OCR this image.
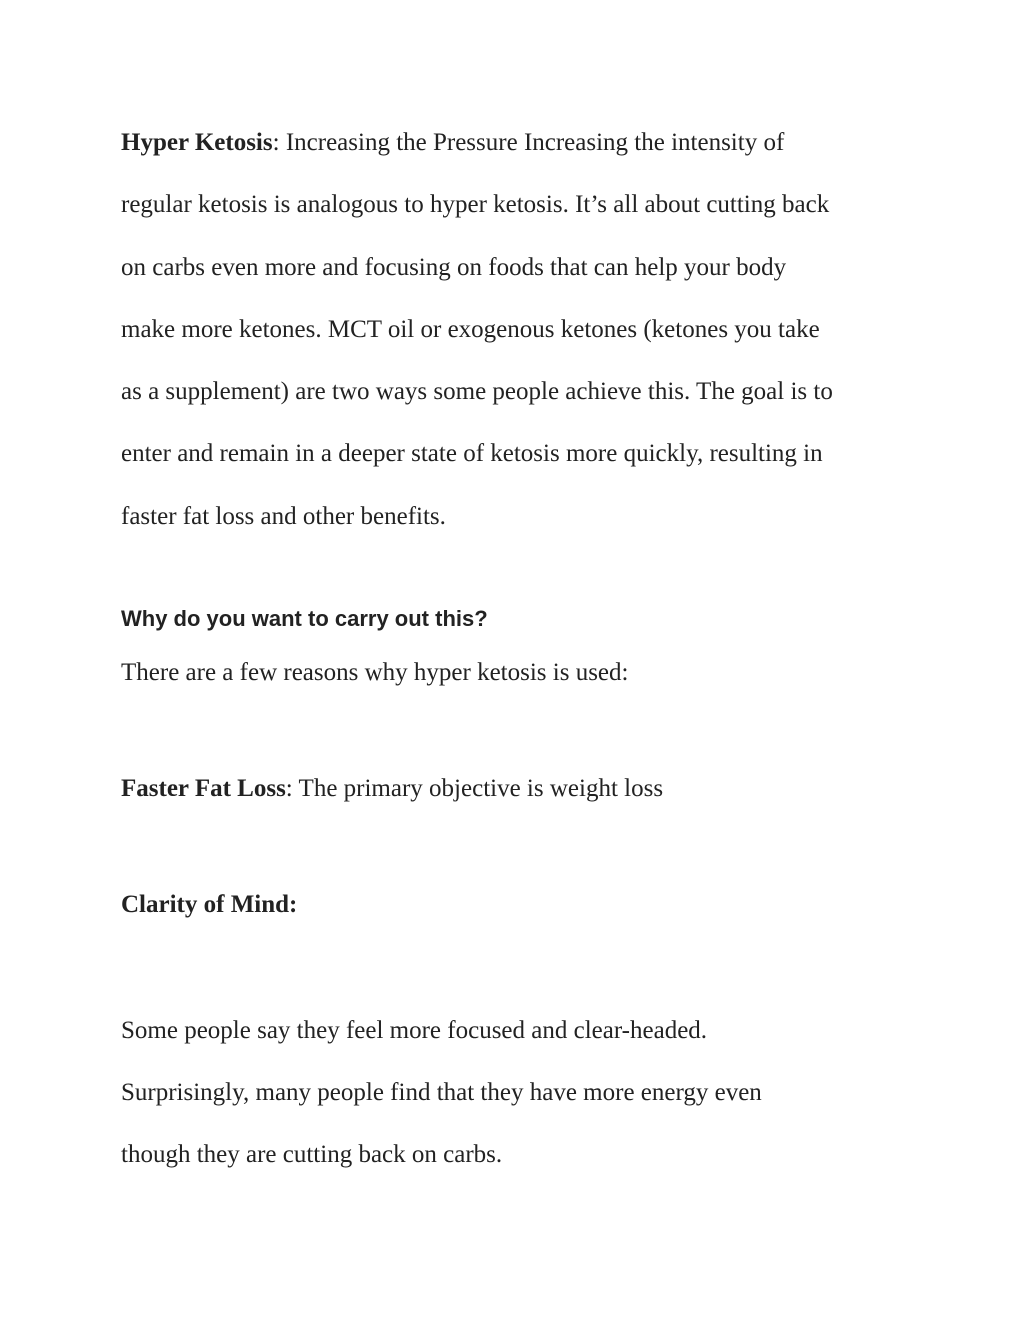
Hyper Ketosis: Increasing the Pressure Increasing the intensity of
regular ketosis is analogous to hyper ketosis. It’s all about cutting back
on carbs even more and focusing on foods that can help your body
make more ketones. MCT oil or exogenous ketones (ketones you take
as a supplement) are two ways some people achieve this. The goal is to
enter and remain in a deeper state of ketosis more quickly, resulting in
faster fat loss and other benefits.

Why do you want to carry out this?

There are a few reasons why hyper ketosis is used:

Faster Fat Loss: The primary objective is weight loss

Clarity of Mind:

Some people say they feel more focused and clear-headed.
Surprisingly, many people find that they have more energy even
though they are cutting back on carbs.
